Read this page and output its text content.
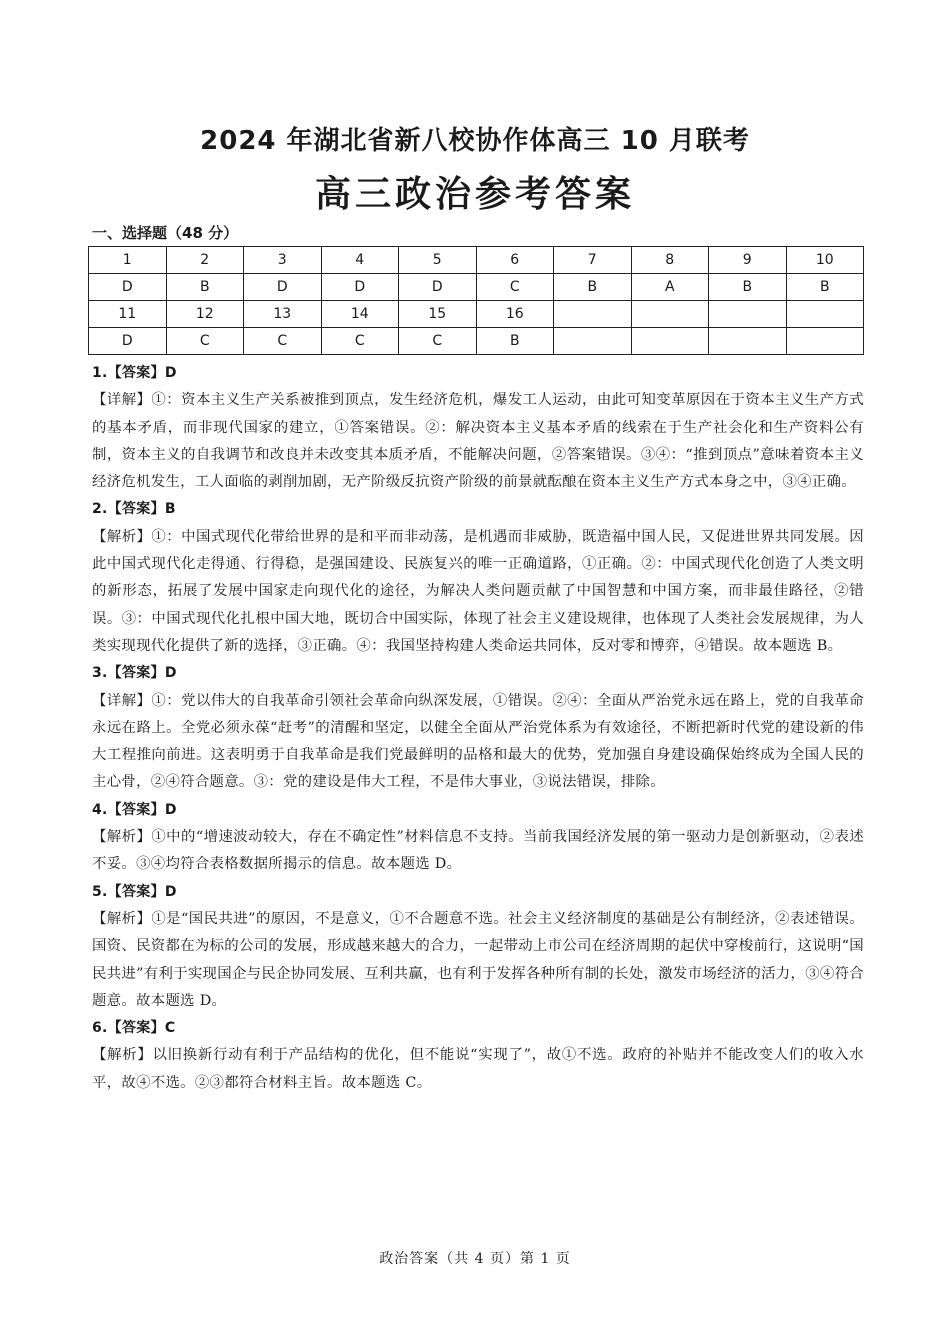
2024 年湖北省新八校协作体高三 10 月联考
高三政治参考答案
一、选择题（48 分）
1	2	3	4	5	6	7	8	9	10
D	B	D	D	D	C	B	A	B	B
11	12	13	14	15	16				
D	C	C	C	C	B				

1.【答案】D

【详解】①：资本主义生产关系被推到顶点，发生经济危机，爆发工人运动，由此可知变革原因在于资本主义生产方式的基本矛盾，而非现代国家的建立，①答案错误。②：解决资本主义基本矛盾的线索在于生产社会化和生产资料公有制，资本主义的自我调节和改良并未改变其本质矛盾，不能解决问题，②答案错误。③④：“推到顶点”意味着资本主义经济危机发生，工人面临的剥削加剧，无产阶级反抗资产阶级的前景就酝酿在资本主义生产方式本身之中，③④正确。

2.【答案】B

【解析】①：中国式现代化带给世界的是和平而非动荡，是机遇而非威胁，既造福中国人民，又促进世界共同发展。因此中国式现代化走得通、行得稳，是强国建设、民族复兴的唯一正确道路，①正确。②：中国式现代化创造了人类文明的新形态，拓展了发展中国家走向现代化的途径，为解决人类问题贡献了中国智慧和中国方案，而非最佳路径，②错误。③：中国式现代化扎根中国大地，既切合中国实际，体现了社会主义建设规律，也体现了人类社会发展规律，为人类实现现代化提供了新的选择，③正确。④：我国坚持构建人类命运共同体，反对零和博弈，④错误。故本题选 B。

3.【答案】D

【详解】①：党以伟大的自我革命引领社会革命向纵深发展，①错误。②④：全面从严治党永远在路上，党的自我革命永远在路上。全党必须永葆“赶考”的清醒和坚定，以健全全面从严治党体系为有效途径，不断把新时代党的建设新的伟大工程推向前进。这表明勇于自我革命是我们党最鲜明的品格和最大的优势，党加强自身建设确保始终成为全国人民的主心骨，②④符合题意。③：党的建设是伟大工程，不是伟大事业，③说法错误，排除。

4.【答案】D

【解析】①中的“增速波动较大，存在不确定性”材料信息不支持。当前我国经济发展的第一驱动力是创新驱动，②表述不妥。③④均符合表格数据所揭示的信息。故本题选 D。

5.【答案】D

【解析】①是“国民共进”的原因，不是意义，①不合题意不选。社会主义经济制度的基础是公有制经济，②表述错误。国资、民资都在为标的公司的发展，形成越来越大的合力，一起带动上市公司在经济周期的起伏中穿梭前行，这说明“国民共进”有利于实现国企与民企协同发展、互利共赢，也有利于发挥各种所有制的长处，激发市场经济的活力，③④符合题意。故本题选 D。

6.【答案】C

【解析】以旧换新行动有利于产品结构的优化，但不能说“实现了”，故①不选。政府的补贴并不能改变人们的收入水平，故④不选。②③都符合材料主旨。故本题选 C。

政治答案（共 4 页）第 1 页
